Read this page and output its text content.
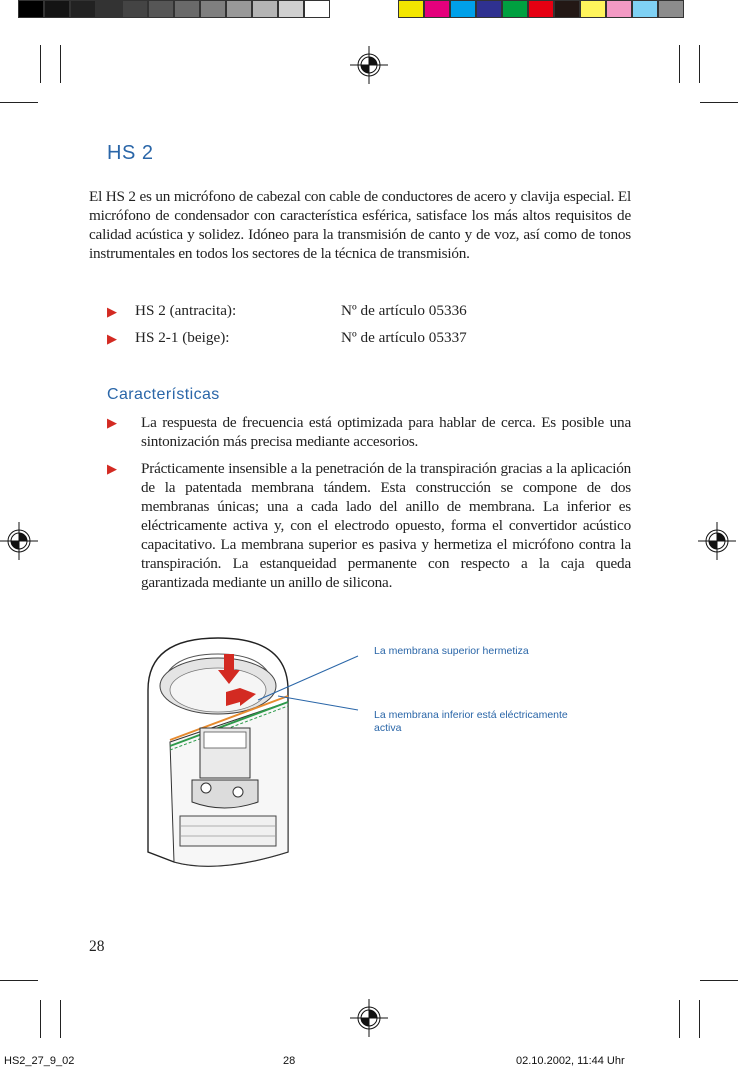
HS 2

El HS 2 es un micrófono de cabezal con cable de conductores de acero y clavija especial. El micrófono de condensador con característica esférica, satisface los más altos requisitos de calidad acústica y solidez. Idóneo para la transmisión de canto y de voz, así como de tonos instrumentales en todos los sectores de la técnica de transmisión.

▶ HS 2 (antracita):	Nº de artículo 05336
▶ HS 2-1 (beige):	Nº de artículo 05337
Características
▶ La respuesta de frecuencia está optimizada para hablar de cerca. Es posible una sintonización más precisa mediante accesorios.

▶ Prácticamente insensible a la penetración de la transpiración gracias a la aplicación de la patentada membrana tándem. Esta construcción se compone de dos membranas únicas; una a cada lado del anillo de membrana. La inferior es eléctricamente activa y, con el electrodo opuesto, forma el convertidor acústico capacitativo. La membrana superior es pasiva y hermetiza el micrófono contra la transpiración. La estanqueidad permanente con respecto a la caja queda garantizada mediante un anillo de silicona.

La membrana superior hermetiza
La membrana inferior está eléctricamente activa
28
HS2_27_9_02	28	02.10.2002, 11:44 Uhr
